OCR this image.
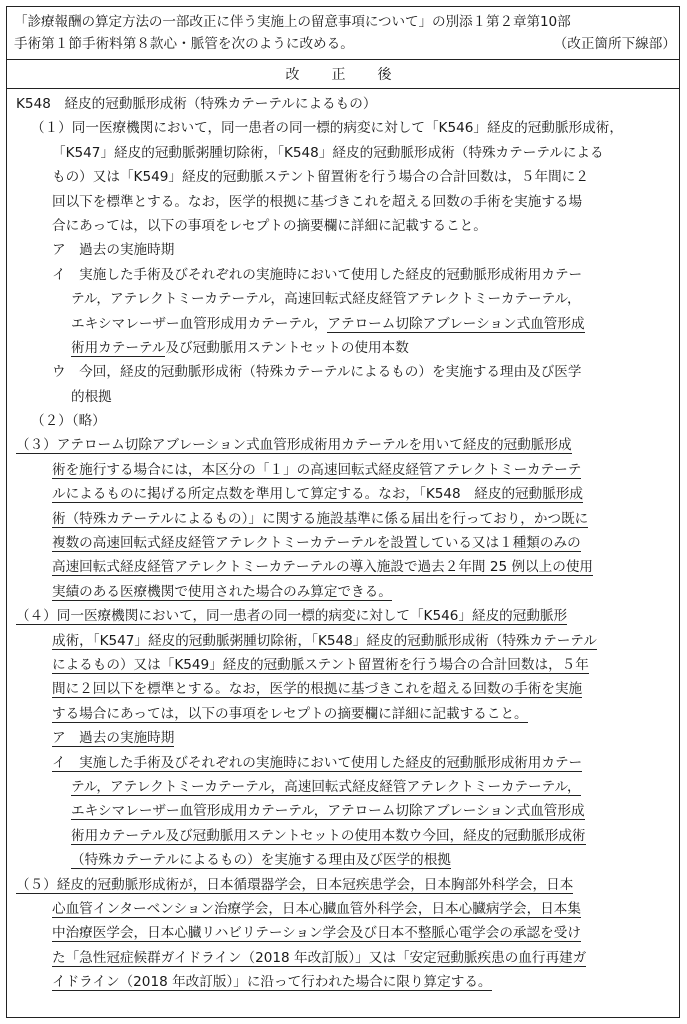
「診療報酬の算定方法の一部改正に伴う実施上の留意事項について」の別添１第２章第10部
手術第１節手術料第８款心・脈管を次のように改める。	（改正箇所下線部）
改　正　後
K548　経皮的冠動脈形成術（特殊カテーテルによるもの）
（１）同一医療機関において，同一患者の同一標的病変に対して「K546」経皮的冠動脈形成術，
「K547」経皮的冠動脈粥腫切除術，「K548」経皮的冠動脈形成術（特殊カテーテルによる
もの）又は「K549」経皮的冠動脈ステント留置術を行う場合の合計回数は，５年間に２
回以下を標準とする。なお，医学的根拠に基づきこれを超える回数の手術を実施する場
合にあっては，以下の事項をレセプトの摘要欄に詳細に記載すること。
ア　過去の実施時期
イ　実施した手術及びそれぞれの実施時において使用した経皮的冠動脈形成術用カテー
テル，アテレクトミーカテーテル，高速回転式経皮経管アテレクトミーカテーテル，
エキシマレーザー血管形成用カテーテル，アテローム切除アブレーション式血管形成
術用カテーテル及び冠動脈用ステントセットの使用本数
ウ　今回，経皮的冠動脈形成術（特殊カテーテルによるもの）を実施する理由及び医学
的根拠
（２）（略）
（３）アテローム切除アブレーション式血管形成術用カテーテルを用いて経皮的冠動脈形成
術を施行する場合には，本区分の「１」の高速回転式経皮経管アテレクトミーカテーテ
ルによるものに掲げる所定点数を準用して算定する。なお，「K548　経皮的冠動脈形成
術（特殊カテーテルによるもの）」に関する施設基準に係る届出を行っており，かつ既に
複数の高速回転式経皮経管アテレクトミーカテーテルを設置している又は１種類のみの
高速回転式経皮経管アテレクトミーカテーテルの導入施設で過去２年間 25 例以上の使用
実績のある医療機関で使用された場合のみ算定できる。
（４）同一医療機関において，同一患者の同一標的病変に対して「K546」経皮的冠動脈形
成術，「K547」経皮的冠動脈粥腫切除術，「K548」経皮的冠動脈形成術（特殊カテーテル
によるもの）又は「K549」経皮的冠動脈ステント留置術を行う場合の合計回数は，５年
間に２回以下を標準とする。なお，医学的根拠に基づきこれを超える回数の手術を実施
する場合にあっては，以下の事項をレセプトの摘要欄に詳細に記載すること。
ア　過去の実施時期
イ　実施した手術及びそれぞれの実施時において使用した経皮的冠動脈形成術用カテー
テル，アテレクトミーカテーテル，高速回転式経皮経管アテレクトミーカテーテル，
エキシマレーザー血管形成用カテーテル，アテローム切除アブレーション式血管形成
術用カテーテル及び冠動脈用ステントセットの使用本数ウ今回，経皮的冠動脈形成術
（特殊カテーテルによるもの）を実施する理由及び医学的根拠
（５）経皮的冠動脈形成術が，日本循環器学会，日本冠疾患学会，日本胸部外科学会，日本
心血管インターベンション治療学会，日本心臓血管外科学会，日本心臓病学会，日本集
中治療医学会，日本心臓リハビリテーション学会及び日本不整脈心電学会の承認を受け
た「急性冠症候群ガイドライン（2018 年改訂版）」又は「安定冠動脈疾患の血行再建ガ
イドライン（2018 年改訂版）」に沿って行われた場合に限り算定する。
